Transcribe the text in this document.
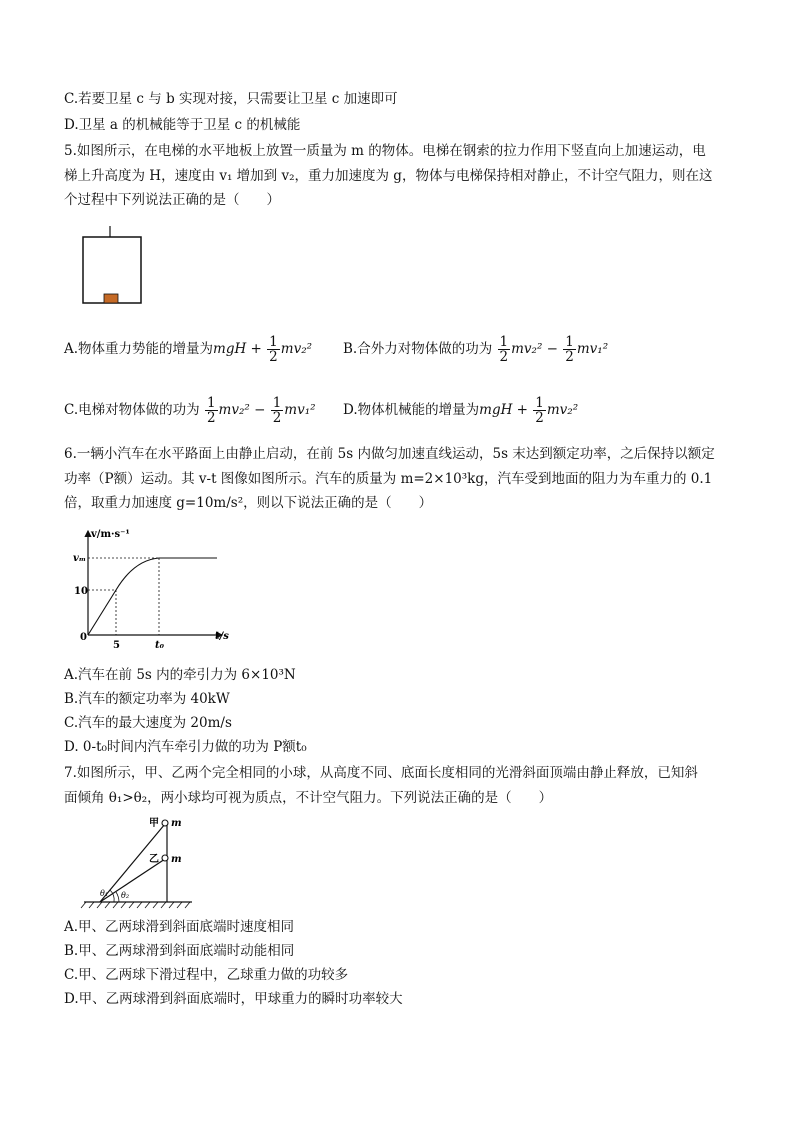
C.若要卫星 c 与 b 实现对接，只需要让卫星 c 加速即可
D.卫星 a 的机械能等于卫星 c 的机械能
5.如图所示，在电梯的水平地板上放置一质量为 m 的物体。电梯在钢索的拉力作用下竖直向上加速运动，电
梯上升高度为 H，速度由 v₁ 增加到 v₂，重力加速度为 g，物体与电梯保持相对静止，不计空气阻力，则在这
个过程中下列说法正确的是（　　）
A.物体重力势能的增量为mgH + $\frac{1}{2} mv_2^2$ B.合外力对物体做的功为 $\frac{1}{2} mv_2^2 - \frac{1}{2} mv_1^2$
C.电梯对物体做的功为 $\frac{1}{2} mv_2^2 - \frac{1}{2} mv_1^2$ D.物体机械能的增量为mgH + $\frac{1}{2} mv_2^2$
6.一辆小汽车在水平路面上由静止启动，在前 5s 内做匀加速直线运动，5s 末达到额定功率，之后保持以额定
功率（P额）运动。其 v-t 图像如图所示。汽车的质量为 m=2×10³kg，汽车受到地面的阻力为车重力的 0.1
倍，取重力加速度 g=10m/s²，则以下说法正确的是（　　）
v/m·s⁻¹
t/s
vₘ
10
0
5	t₀
A.汽车在前 5s 内的牵引力为 6×10³N
B.汽车的额定功率为 40kW
C.汽车的最大速度为 20m/s
D. 0-t₀时间内汽车牵引力做的功为 P额t₀
7.如图所示，甲、乙两个完全相同的小球，从高度不同、底面长度相同的光滑斜面顶端由静止释放，已知斜
面倾角 θ₁>θ₂，两小球均可视为质点，不计空气阻力。下列说法正确的是（　　）
甲 m
乙 m
θ₁ θ₂
A.甲、乙两球滑到斜面底端时速度相同
B.甲、乙两球滑到斜面底端时动能相同
C.甲、乙两球下滑过程中，乙球重力做的功较多
D.甲、乙两球滑到斜面底端时，甲球重力的瞬时功率较大
